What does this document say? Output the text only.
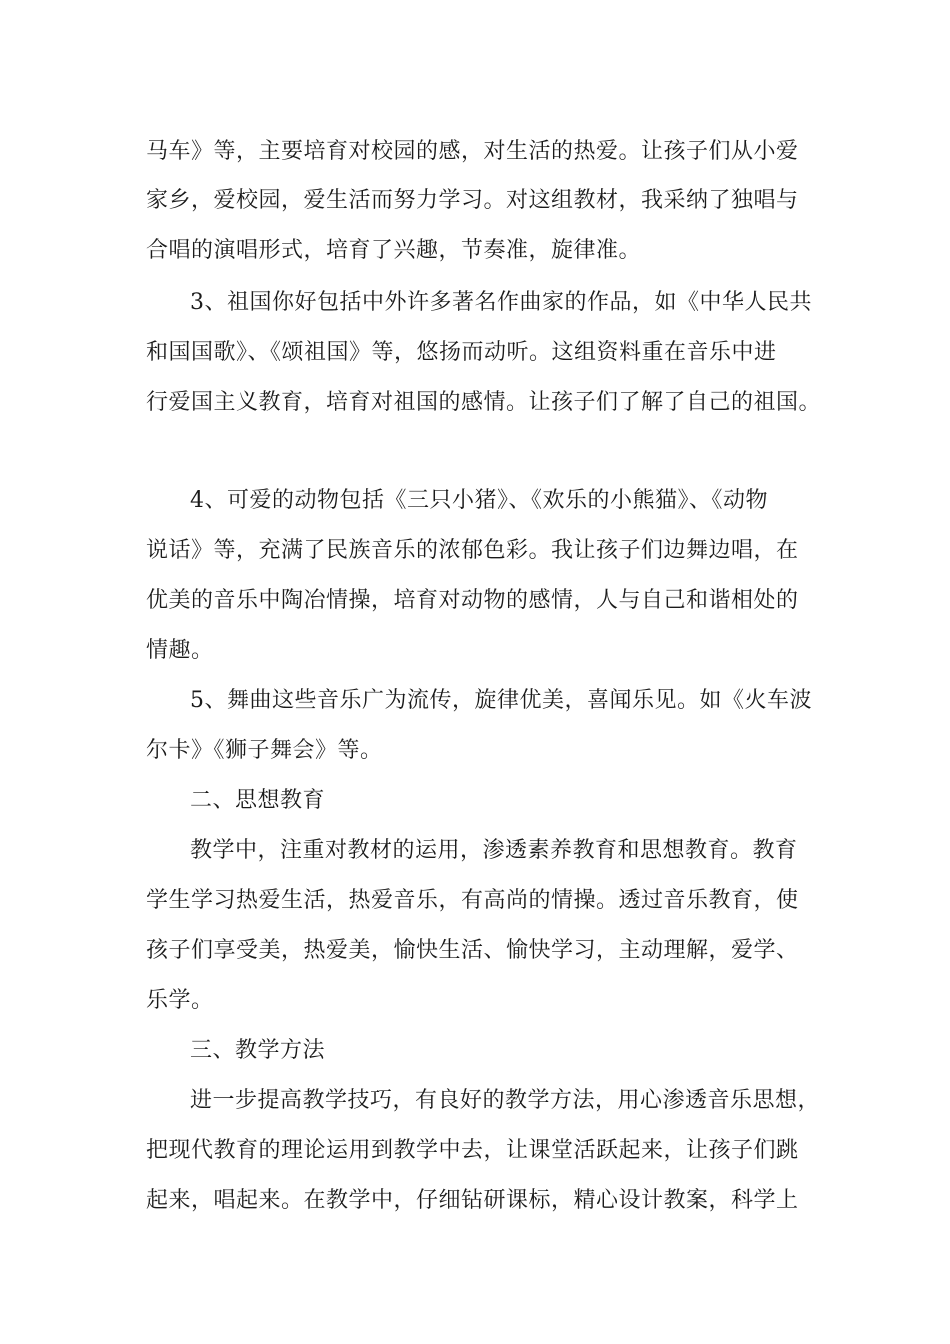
马车》等，主要培育对校园的感，对生活的热爱。让孩子们从小爱

家乡，爱校园，爱生活而努力学习。对这组教材，我采纳了独唱与

合唱的演唱形式，培育了兴趣，节奏准，旋律准。

3、祖国你好包括中外许多著名作曲家的作品，如《中华人民共

和国国歌》、《颂祖国》等，悠扬而动听。这组资料重在音乐中进

行爱国主义教育，培育对祖国的感情。让孩子们了解了自己的祖国。

4、可爱的动物包括《三只小猪》、《欢乐的小熊猫》、《动物

说话》等，充满了民族音乐的浓郁色彩。我让孩子们边舞边唱，在

优美的音乐中陶冶情操，培育对动物的感情，人与自己和谐相处的

情趣。

5、舞曲这些音乐广为流传，旋律优美，喜闻乐见。如《火车波

尔卡》《狮子舞会》等。

二、思想教育

教学中，注重对教材的运用，渗透素养教育和思想教育。教育

学生学习热爱生活，热爱音乐，有高尚的情操。透过音乐教育，使

孩子们享受美，热爱美，愉快生活、愉快学习，主动理解，爱学、

乐学。

三、教学方法

进一步提高教学技巧，有良好的教学方法，用心渗透音乐思想，

把现代教育的理论运用到教学中去，让课堂活跃起来，让孩子们跳

起来，唱起来。在教学中，仔细钻研课标，精心设计教案，科学上
